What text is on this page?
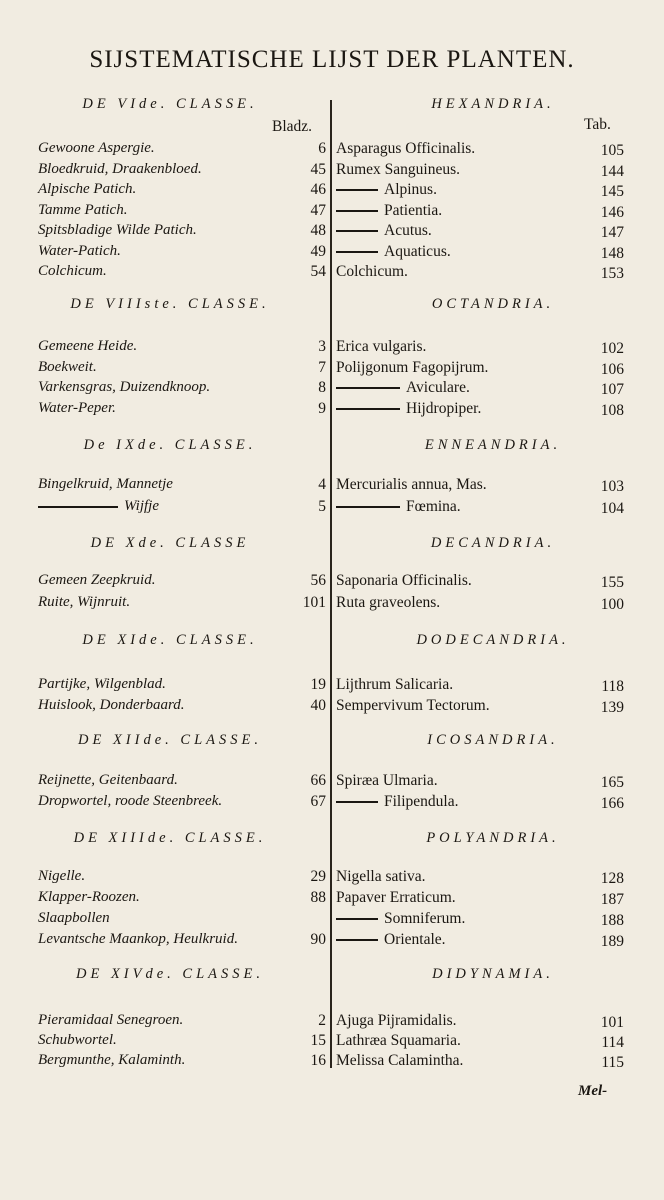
SIJSTEMATISCHE LIJST DER PLANTEN.
Bladz.	Tab.
DE VIde. CLASSE.	HEXANDRIA.
Gewoone Aspergie.	6 Asparagus Officinalis.	105
Bloedkruid, Draakenbloed.	45 Rumex Sanguineus.	144
Alpische Patich.	46	Alpinus.	145
Tamme Patich.	47	Patientia.	146
Spitsbladige Wilde Patich.	48	Acutus.	147
Water-Patich.	49	Aquaticus.	148
Colchicum.	54 Colchicum.	153
DE VIIIste. CLASSE.	OCTANDRIA.
Gemeene Heide.	3 Erica vulgaris.	102
Boekweit.	7 Polijgonum Fagopijrum.	106
Varkensgras, Duizendknoop.	8	Aviculare.	107
Water-Peper.	9	Hijdropiper.	108
De IXde. CLASSE.	ENNEANDRIA.
Bingelkruid, Mannetje	4 Mercurialis annua, Mas.	103
Wijfje	5	Fœmina.	104
DE Xde. CLASSE	DECANDRIA.
Gemeen Zeepkruid.	56 Saponaria Officinalis.	155
Ruite, Wijnruit.	101 Ruta graveolens.	100
DE XIde. CLASSE.	DODECANDRIA.
Partijke, Wilgenblad.	19 Lijthrum Salicaria.	118
Huislook, Donderbaard.	40 Sempervivum Tectorum.	139
DE XIIde. CLASSE.	ICOSANDRIA.
Reijnette, Geitenbaard.	66 Spiræa Ulmaria.	165
Dropwortel, roode Steenbreek.	67	Filipendula.	166
DE XIIIde. CLASSE.	POLYANDRIA.
Nigelle.	29 Nigella sativa.	128
Klapper-Roozen.	88 Papaver Erraticum.	187
Slaapbollen	Somniferum.	188
Levantsche Maankop, Heulkruid.	90	Orientale.	189
DE XIVde. CLASSE.	DIDYNAMIA.
Pieramidaal Senegroen.	2 Ajuga Pijramidalis.	101
Schubwortel.	15 Lathræa Squamaria.	114
Bergmunthe, Kalaminth.	16 Melissa Calamintha.	115
Mel-
